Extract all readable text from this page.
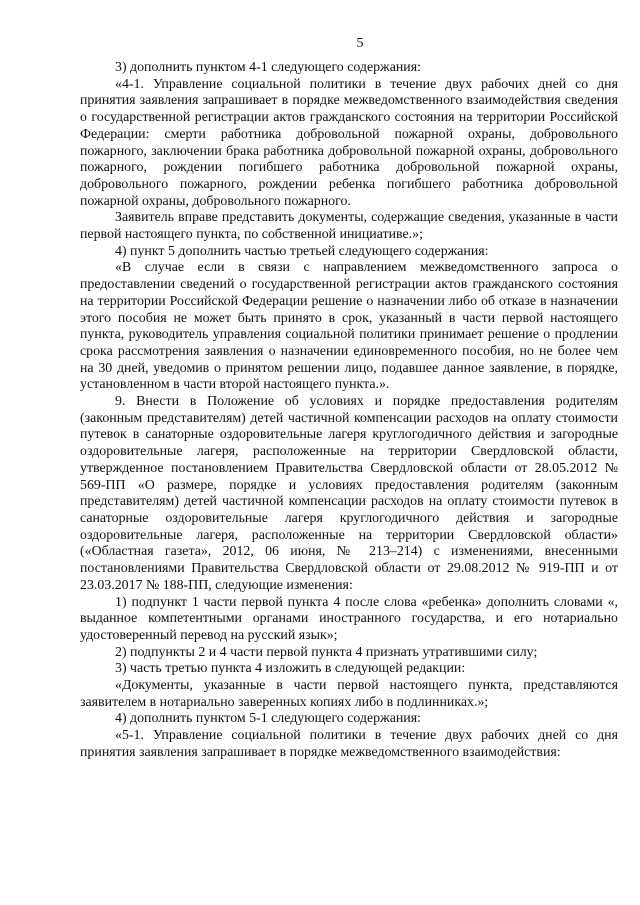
5

3) дополнить пунктом 4-1 следующего содержания:

«4-1. Управление социальной политики в течение двух рабочих дней со дня принятия заявления запрашивает в порядке межведомственного взаимодействия сведения о государственной регистрации актов гражданского состояния на территории Российской Федерации: смерти работника добровольной пожарной охраны, добровольного пожарного, заключении брака работника добровольной пожарной охраны, добровольного пожарного, рождении погибшего работника добровольной пожарной охраны, добровольного пожарного, рождении ребенка погибшего работника добровольной пожарной охраны, добровольного пожарного.

Заявитель вправе представить документы, содержащие сведения, указанные в части первой настоящего пункта, по собственной инициативе.»;

4) пункт 5 дополнить частью третьей следующего содержания:

«В случае если в связи с направлением межведомственного запроса о предоставлении сведений о государственной регистрации актов гражданского состояния на территории Российской Федерации решение о назначении либо об отказе в назначении этого пособия не может быть принято в срок, указанный в части первой настоящего пункта, руководитель управления социальной политики принимает решение о продлении срока рассмотрения заявления о назначении единовременного пособия, но не более чем на 30 дней, уведомив о принятом решении лицо, подавшее данное заявление, в порядке, установленном в части второй настоящего пункта.».

9. Внести в Положение об условиях и порядке предоставления родителям (законным представителям) детей частичной компенсации расходов на оплату стоимости путевок в санаторные оздоровительные лагеря круглогодичного действия и загородные оздоровительные лагеря, расположенные на территории Свердловской области, утвержденное постановлением Правительства Свердловской области от 28.05.2012 № 569-ПП «О размере, порядке и условиях предоставления родителям (законным представителям) детей частичной компенсации расходов на оплату стоимости путевок в санаторные оздоровительные лагеря круглогодичного действия и загородные оздоровительные лагеря, расположенные на территории Свердловской области» («Областная газета», 2012, 06 июня, № 213–214) с изменениями, внесенными постановлениями Правительства Свердловской области от 29.08.2012 № 919-ПП и от 23.03.2017 № 188-ПП, следующие изменения:

1) подпункт 1 части первой пункта 4 после слова «ребенка» дополнить словами «, выданное компетентными органами иностранного государства, и его нотариально удостоверенный перевод на русский язык»;

2) подпункты 2 и 4 части первой пункта 4 признать утратившими силу;

3) часть третью пункта 4 изложить в следующей редакции:

«Документы, указанные в части первой настоящего пункта, представляются заявителем в нотариально заверенных копиях либо в подлинниках.»;

4) дополнить пунктом 5-1 следующего содержания:

«5-1. Управление социальной политики в течение двух рабочих дней со дня принятия заявления запрашивает в порядке межведомственного взаимодействия:
